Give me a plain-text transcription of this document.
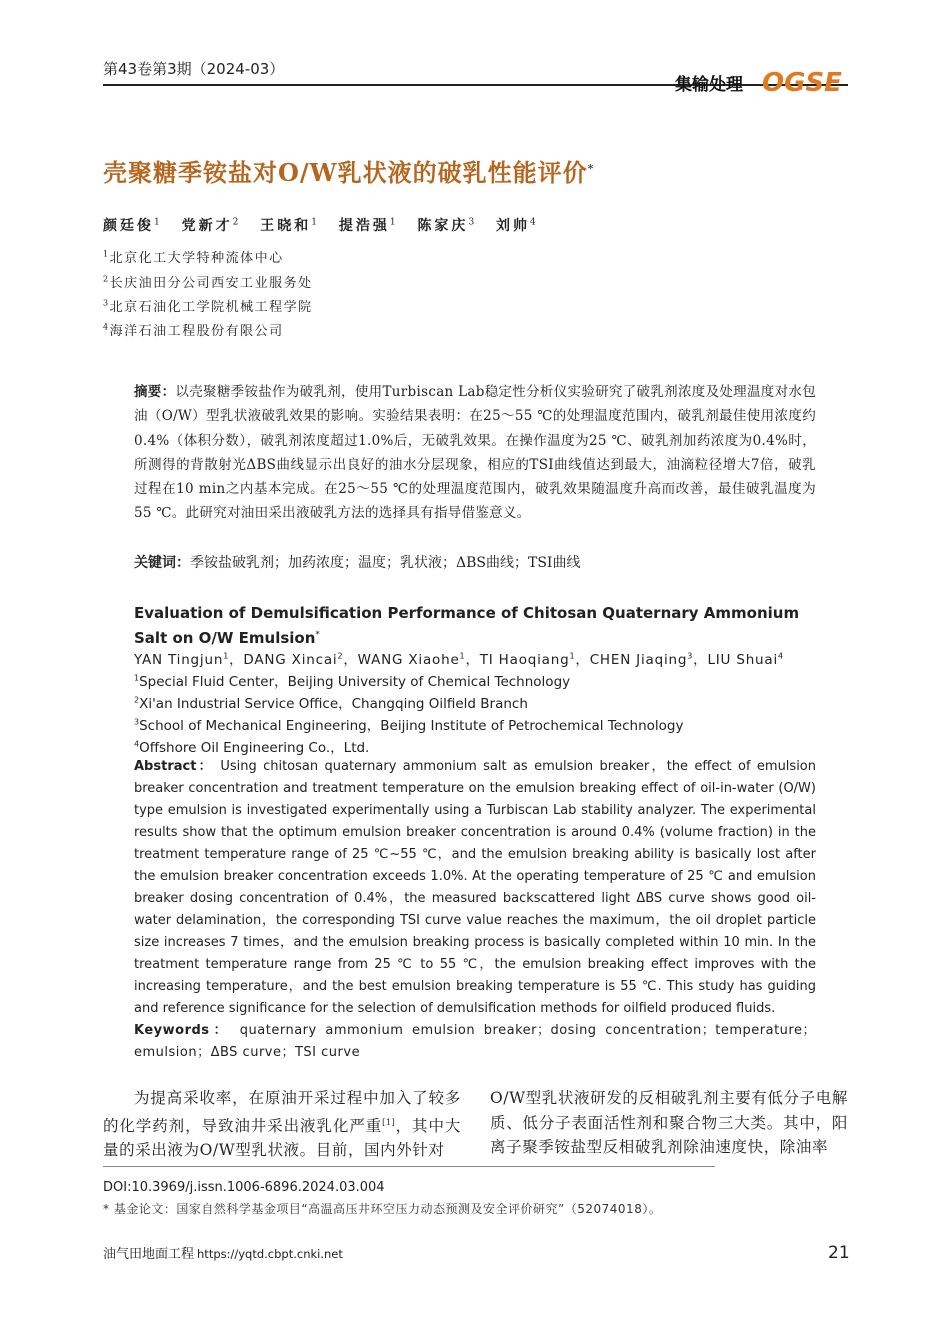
第43卷第3期（2024-03）
集输处理 OGSE
壳聚糖季铵盐对O/W乳状液的破乳性能评价*
颜廷俊$^1$ 党新才$^2$ 王晓和$^1$ 提浩强$^1$ 陈家庆$^3$ 刘帅$^4$
$^1$北京化工大学特种流体中心
$^2$长庆油田分公司西安工业服务处
$^3$北京石油化工学院机械工程学院
$^4$海洋石油工程股份有限公司
摘要：以壳聚糖季铵盐作为破乳剂，使用Turbiscan Lab稳定性分析仪实验研究了破乳剂浓度及处理温度对水包油（O/W）型乳状液破乳效果的影响。实验结果表明：在25～55 ℃的处理温度范围内，破乳剂最佳使用浓度约0.4%（体积分数），破乳剂浓度超过1.0%后，无破乳效果。在操作温度为25 ℃、破乳剂加药浓度为0.4%时，所测得的背散射光ΔBS曲线显示出良好的油水分层现象，相应的TSI曲线值达到最大，油滴粒径增大7倍，破乳过程在10 min之内基本完成。在25～55 ℃的处理温度范围内，破乳效果随温度升高而改善，最佳破乳温度为55 ℃。此研究对油田采出液破乳方法的选择具有指导借鉴意义。
关键词：季铵盐破乳剂；加药浓度；温度；乳状液；ΔBS曲线；TSI曲线
Evaluation of Demulsification Performance of Chitosan Quaternary Ammonium Salt on O/W Emulsion*
YAN Tingjun$^1$，DANG Xincai$^2$，WANG Xiaohe$^1$，TI Haoqiang$^1$，CHEN Jiaqing$^3$，LIU Shuai$^4$
$^1$Special Fluid Center，Beijing University of Chemical Technology
$^2$Xi'an Industrial Service Office，Changqing Oilfield Branch
$^3$School of Mechanical Engineering，Beijing Institute of Petrochemical Technology
$^4$Offshore Oil Engineering Co.，Ltd.
Abstract： Using chitosan quaternary ammonium salt as emulsion breaker，the effect of emulsion breaker concentration and treatment temperature on the emulsion breaking effect of oil-in-water (O/W) type emulsion is investigated experimentally using a Turbiscan Lab stability analyzer. The experimental results show that the optimum emulsion breaker concentration is around 0.4% (volume fraction) in the treatment temperature range of 25 ℃~55 ℃，and the emulsion breaking ability is basically lost after the emulsion breaker concentration exceeds 1.0%. At the operating temperature of 25 ℃ and emulsion breaker dosing concentration of 0.4%，the measured backscattered light ΔBS curve shows good oil-water delamination，the corresponding TSI curve value reaches the maximum，the oil droplet particle size increases 7 times，and the emulsion breaking process is basically completed within 10 min. In the treatment temperature range from 25 ℃ to 55 ℃，the emulsion breaking effect improves with the increasing temperature，and the best emulsion breaking temperature is 55 ℃. This study has guiding and reference significance for the selection of demulsification methods for oilfield produced fluids.
Keywords： quaternary ammonium emulsion breaker；dosing concentration；temperature；emulsion；ΔBS curve；TSI curve
为提高采收率，在原油开采过程中加入了较多的化学药剂，导致油井采出液乳化严重[1]，其中大量的采出液为O/W型乳状液。目前，国内外针对
O/W型乳状液研发的反相破乳剂主要有低分子电解质、低分子表面活性剂和聚合物三大类。其中，阳离子聚季铵盐型反相破乳剂除油速度快，除油率
DOI:10.3969/j.issn.1006-6896.2024.03.004
* 基金论文：国家自然科学基金项目“高温高压井环空压力动态预测及安全评价研究”（52074018）。
油气田地面工程 https://yqtd.cbpt.cnki.net	21
